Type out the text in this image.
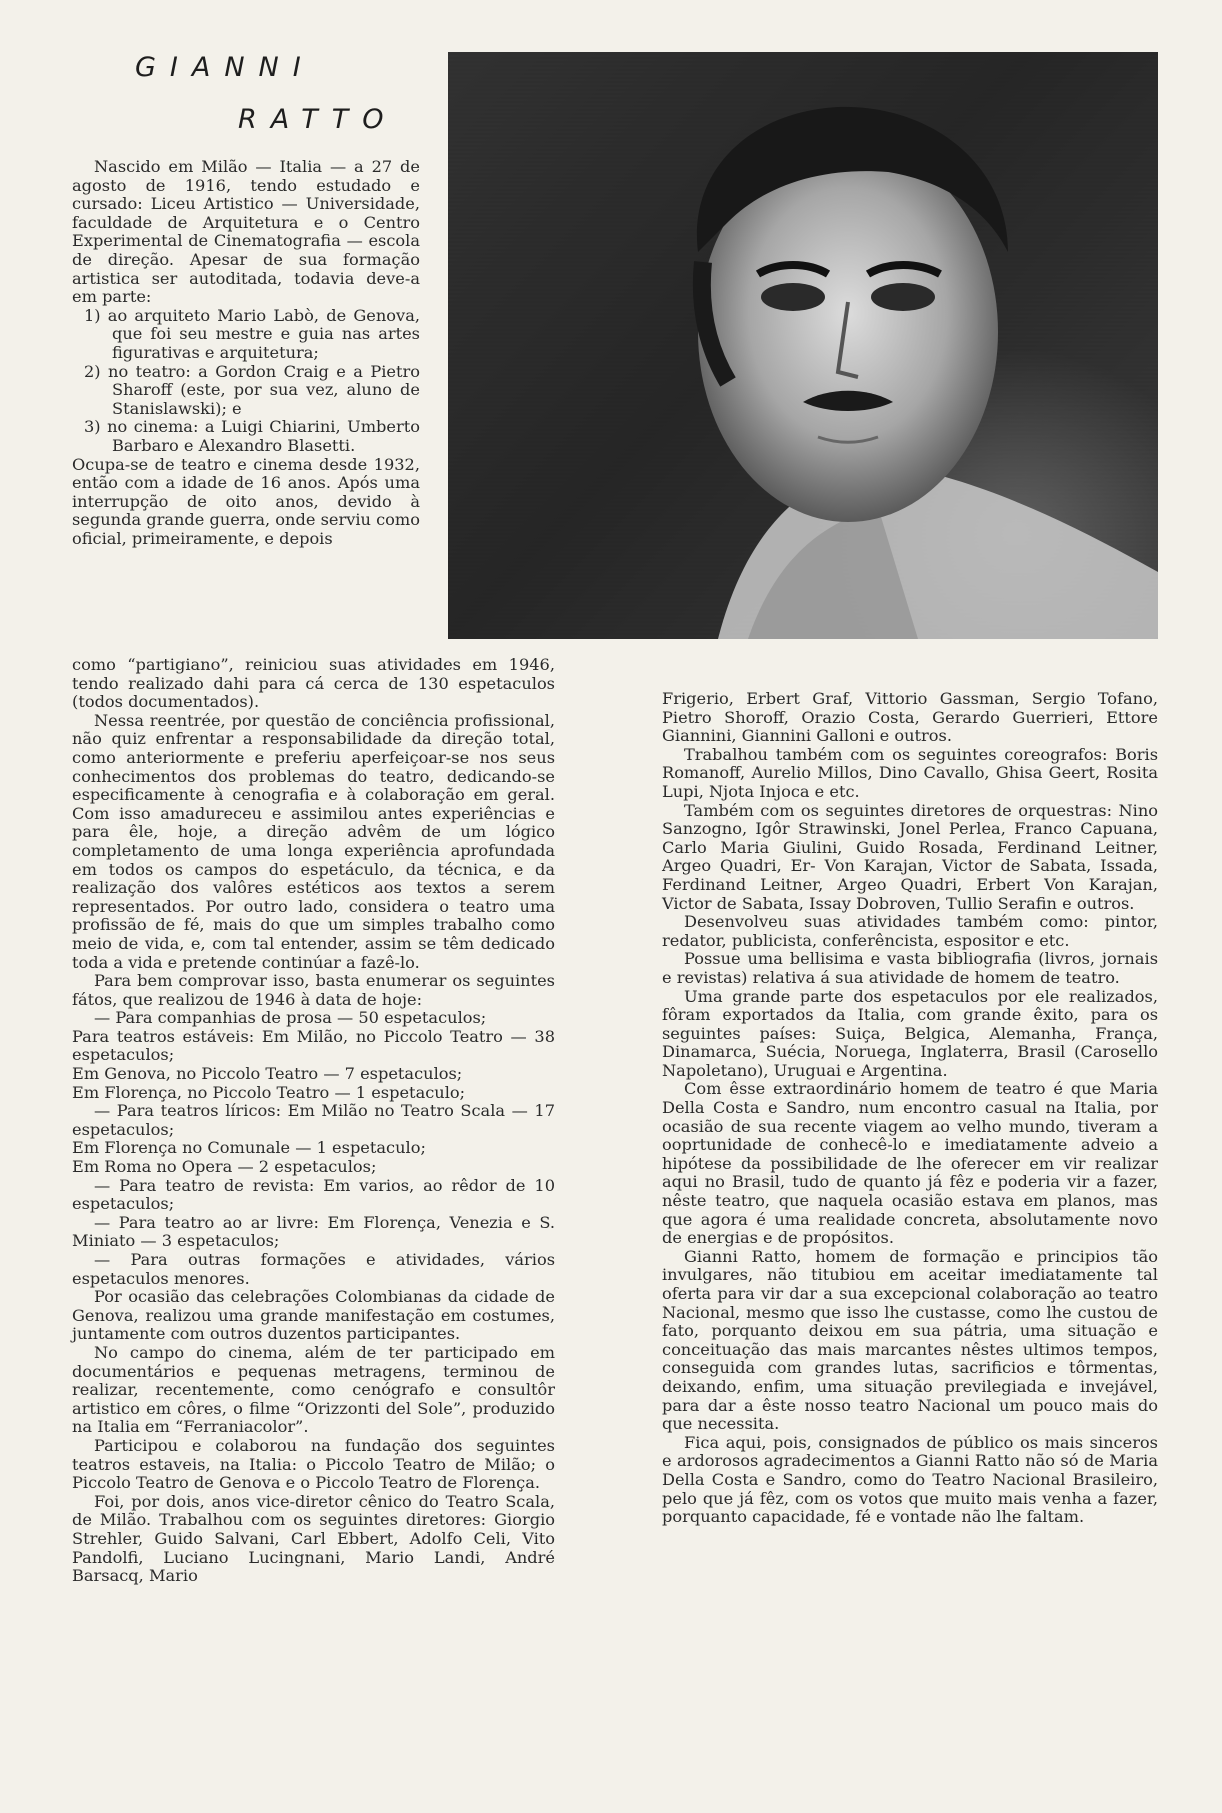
GIANNI
RATTO

Nascido em Milão — Italia — a 27 de agosto de 1916, tendo estudado e cursado: Liceu Artistico — Universidade, faculdade de Arquitetura e o Centro Experimental de Cinematografia — escola de direção. Apesar de sua formação artistica ser autoditada, todavia deve-a em parte:

1) ao arquiteto Mario Labò, de Genova, que foi seu mestre e guia nas artes figurativas e arquitetura;

2) no teatro: a Gordon Craig e a Pietro Sharoff (este, por sua vez, aluno de Stanislawski); e

3) no cinema: a Luigi Chiarini, Umberto Barbaro e Alexandro Blasetti.

Ocupa-se de teatro e cinema desde 1932, então com a idade de 16 anos. Após uma interrupção de oito anos, devido à segunda grande guerra, onde serviu como oficial, primeiramente, e depois

como “partigiano”, reiniciou suas atividades em 1946, tendo realizado dahi para cá cerca de 130 espetaculos (todos documentados).

Nessa reentrée, por questão de conciência profissional, não quiz enfrentar a responsabilidade da direção total, como anteriormente e preferiu aperfeiçoar-se nos seus conhecimentos dos problemas do teatro, dedicando-se especificamente à cenografia e à colaboração em geral. Com isso amadureceu e assimilou antes experiências e para êle, hoje, a direção advêm de um lógico completamento de uma longa experiência aprofundada em todos os campos do espetáculo, da técnica, e da realização dos valôres estéticos aos textos a serem representados. Por outro lado, considera o teatro uma profissão de fé, mais do que um simples trabalho como meio de vida, e, com tal entender, assim se têm dedicado toda a vida e pretende continúar a fazê-lo.

Para bem comprovar isso, basta enumerar os seguintes fátos, que realizou de 1946 à data de hoje:

— Para companhias de prosa — 50 espetaculos;

Para teatros estáveis: Em Milão, no Piccolo Teatro — 38 espetaculos;

Em Genova, no Piccolo Teatro — 7 espetaculos;

Em Florença, no Piccolo Teatro — 1 espetaculo;

— Para teatros líricos: Em Milão no Teatro Scala — 17 espetaculos;

Em Florença no Comunale — 1 espetaculo;

Em Roma no Opera — 2 espetaculos;

— Para teatro de revista: Em varios, ao rêdor de 10 espetaculos;

— Para teatro ao ar livre: Em Florença, Venezia e S. Miniato — 3 espetaculos;

— Para outras formações e atividades, vários espetaculos menores.

Por ocasião das celebrações Colombianas da cidade de Genova, realizou uma grande manifestação em costumes, juntamente com outros duzentos participantes.

No campo do cinema, além de ter participado em documentários e pequenas metragens, terminou de realizar, recentemente, como cenógrafo e consultôr artistico em côres, o filme “Orizzonti del Sole”, produzido na Italia em “Ferraniacolor”.

Participou e colaborou na fundação dos seguintes teatros estaveis, na Italia: o Piccolo Teatro de Milão; o Piccolo Teatro de Genova e o Piccolo Teatro de Florença.

Foi, por dois, anos vice-diretor cênico do Teatro Scala, de Milão. Trabalhou com os seguintes diretores: Giorgio Strehler, Guido Salvani, Carl Ebbert, Adolfo Celi, Vito Pandolfi, Luciano Lucingnani, Mario Landi, André Barsacq, Mario

Frigerio, Erbert Graf, Vittorio Gassman, Sergio Tofano, Pietro Shoroff, Orazio Costa, Gerardo Guerrieri, Ettore Giannini, Giannini Galloni e outros.

Trabalhou também com os seguintes coreografos: Boris Romanoff, Aurelio Millos, Dino Cavallo, Ghisa Geert, Rosita Lupi, Njota Injoca e etc.

Também com os seguintes diretores de orquestras: Nino Sanzogno, Igôr Strawinski, Jonel Perlea, Franco Capuana, Carlo Maria Giulini, Guido Rosada, Ferdinand Leitner, Argeo Quadri, Er- Von Karajan, Victor de Sabata, Issada, Ferdinand Leitner, Argeo Quadri, Erbert Von Karajan, Victor de Sabata, Issay Dobroven, Tullio Serafin e outros.

Desenvolveu suas atividades também como: pintor, redator, publicista, conferêncista, espositor e etc.

Possue uma bellisima e vasta bibliografia (livros, jornais e revistas) relativa á sua atividade de homem de teatro.

Uma grande parte dos espetaculos por ele realizados, fôram exportados da Italia, com grande êxito, para os seguintes países: Suiça, Belgica, Alemanha, França, Dinamarca, Suécia, Noruega, Inglaterra, Brasil (Carosello Napoletano), Uruguai e Argentina.

Com êsse extraordinário homem de teatro é que Maria Della Costa e Sandro, num encontro casual na Italia, por ocasião de sua recente viagem ao velho mundo, tiveram a ooprtunidade de conhecê-lo e imediatamente adveio a hipótese da possibilidade de lhe oferecer em vir realizar aqui no Brasil, tudo de quanto já fêz e poderia vir a fazer, nêste teatro, que naquela ocasião estava em planos, mas que agora é uma realidade concreta, absolutamente novo de energias e de propósitos.

Gianni Ratto, homem de formação e principios tão invulgares, não titubiou em aceitar imediatamente tal oferta para vir dar a sua excepcional colaboração ao teatro Nacional, mesmo que isso lhe custasse, como lhe custou de fato, porquanto deixou em sua pátria, uma situação e conceituação das mais marcantes nêstes ultimos tempos, conseguida com grandes lutas, sacrificios e tôrmentas, deixando, enfim, uma situação previlegiada e invejável, para dar a êste nosso teatro Nacional um pouco mais do que necessita.

Fica aqui, pois, consignados de público os mais sinceros e ardorosos agradecimentos a Gianni Ratto não só de Maria Della Costa e Sandro, como do Teatro Nacional Brasileiro, pelo que já fêz, com os votos que muito mais venha a fazer, porquanto capacidade, fé e vontade não lhe faltam.
